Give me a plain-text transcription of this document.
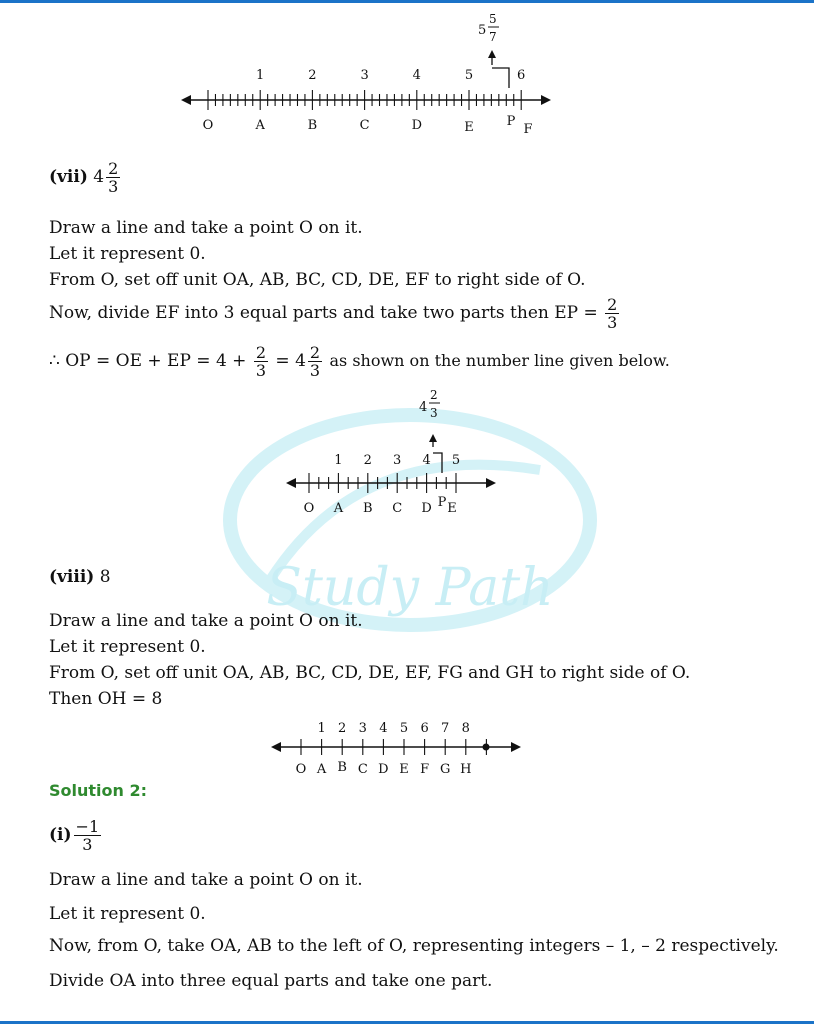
Study Path
1	2	3	4	5	6
O	A	B	C	D	E	P
F
5
5
7
(vii) $4 \frac{2}{3}$
Draw a line and take a point O on it.
Let it represent 0.
From O, set off unit OA, AB, BC, CD, DE, EF to right side of O.
Now, divide EF into 3 equal parts and take two parts then EP = $\frac{2}{3}$
∴ OP = OE + EP = $4 + \frac{2}{3} = 4 \frac{2}{3}$ as shown on the number line given below.
1 2 3 4 5
O A B C D P E
4
2
3
(viii) 8
Draw a line and take a point O on it.
Let it represent 0.
From O, set off unit OA, AB, BC, CD, DE, EF, FG and GH to right side of O.
Then OH = 8
1 2 3 4 5 6 7 8
O A B C D E F G H
Solution 2:
$(i) \frac{-1}{3}$
Draw a line and take a point O on it.
Let it represent 0.
Now, from O, take OA, AB to the left of O, representing integers – 1, – 2 respectively.
Divide OA into three equal parts and take one part.
